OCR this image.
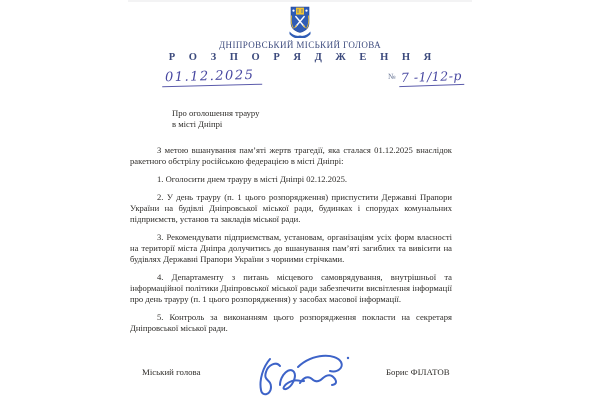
ДНІПРОВСЬКИЙ МІСЬКИЙ ГОЛОВА
Р О З П О Р Я Д Ж Е Н Н Я
01.12.2025	№ 7 -1/12-р
Про оголошення трауру
в місті Дніпрі

З метою вшанування пам’яті жертв трагедії, яка сталася 01.12.2025 внаслідок ракетного обстрілу російською федерацією в місті Дніпрі:

1. Оголосити днем трауру в місті Дніпрі 02.12.2025.

2. У день трауру (п. 1 цього розпорядження) приспустити Державні Прапори України на будівлі Дніпровської міської ради, будинках і спорудах комунальних підприємств, установ та закладів міської ради.

3. Рекомендувати підприємствам, установам, організаціям усіх форм власності на території міста Дніпра долучитись до вшанування пам’яті загиблих та вивісити на будівлях Державні Прапори України з чорними стрічками.

4. Департаменту з питань місцевого самоврядування, внутрішньої та інформаційної політики Дніпровської міської ради забезпечити висвітлення інформації про день трауру (п. 1 цього розпорядження) у засобах масової інформації.

5. Контроль за виконанням цього розпорядження покласти на секретаря Дніпровської міської ради.

Міський голова	Борис ФІЛАТОВ
